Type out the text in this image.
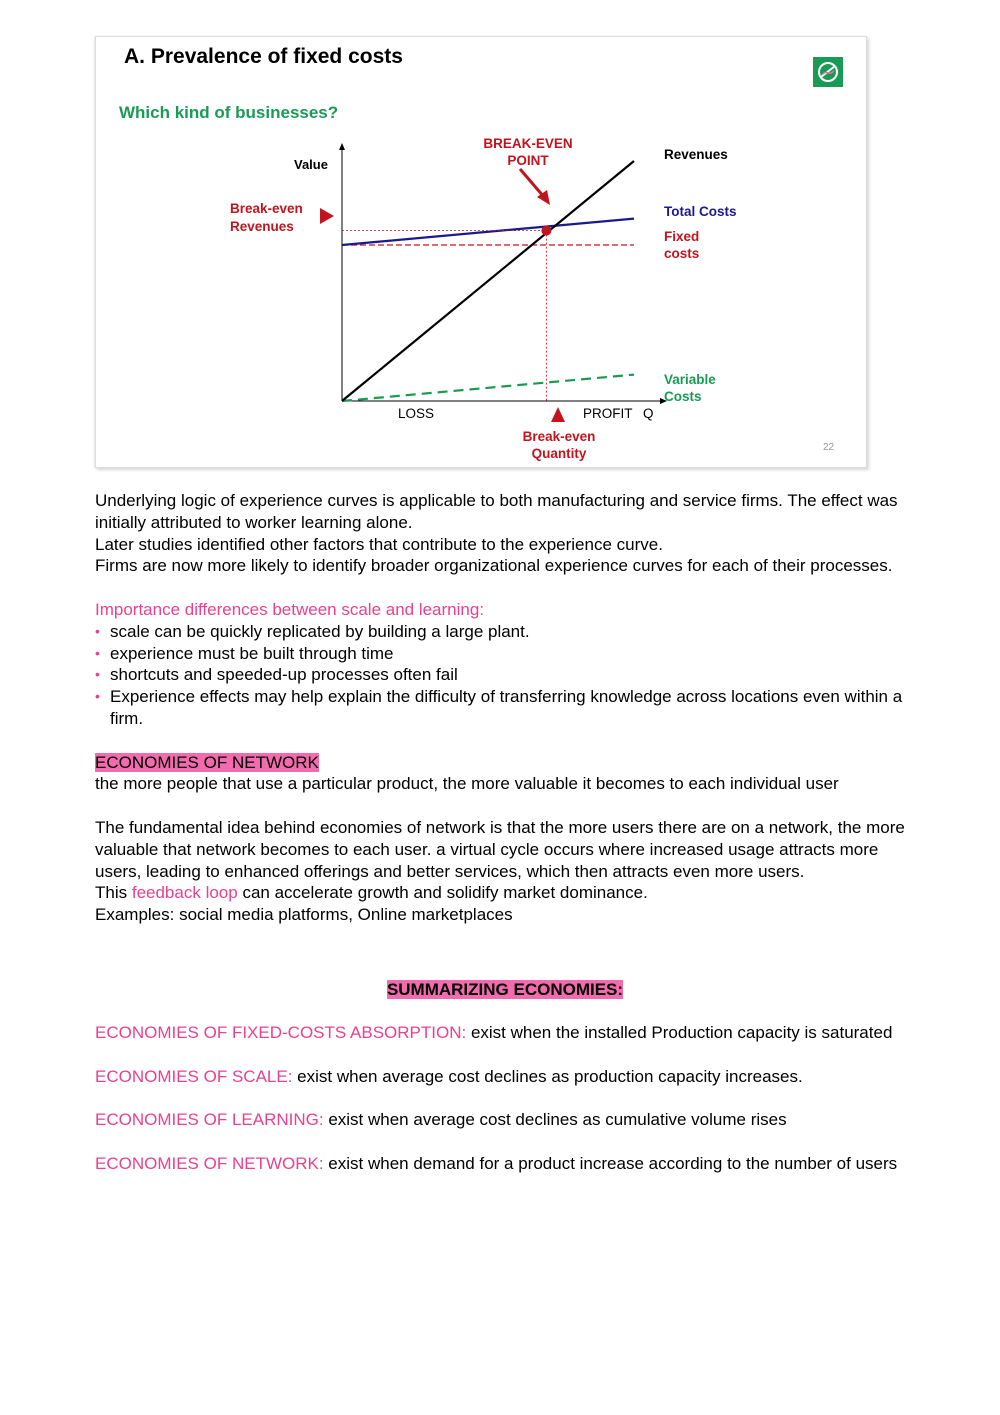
Value
BREAK-EVEN
POINT	Revenues
Break-even
Revenues
Total Costs
Fixed
costs
Variable
Costs
LOSS	PROFIT Q
Break-even
Quantity
A. Prevalence of fixed costs
Which kind of businesses?
22

Underlying logic of experience curves is applicable to both manufacturing and service firms. The effect was initially attributed to worker learning alone.

Later studies identified other factors that contribute to the experience curve.

Firms are now more likely to identify broader organizational experience curves for each of their processes.

Importance differences between scale and learning:

• scale can be quickly replicated by building a large plant.
• experience must be built through time
• shortcuts and speeded-up processes often fail
• Experience effects may help explain the difficulty of transferring knowledge across locations even within a firm.

ECONOMIES OF NETWORK

the more people that use a particular product, the more valuable it becomes to each individual user

The fundamental idea behind economies of network is that the more users there are on a network, the more valuable that network becomes to each user. a virtual cycle occurs where increased usage attracts more users, leading to enhanced offerings and better services, which then attracts even more users.

This feedback loop can accelerate growth and solidify market dominance.

Examples: social media platforms, Online marketplaces

SUMMARIZING ECONOMIES:

ECONOMIES OF FIXED-COSTS ABSORPTION: exist when the installed Production capacity is saturated

ECONOMIES OF SCALE: exist when average cost declines as production capacity increases.

ECONOMIES OF LEARNING: exist when average cost declines as cumulative volume rises

ECONOMIES OF NETWORK: exist when demand for a product increase according to the number of users
